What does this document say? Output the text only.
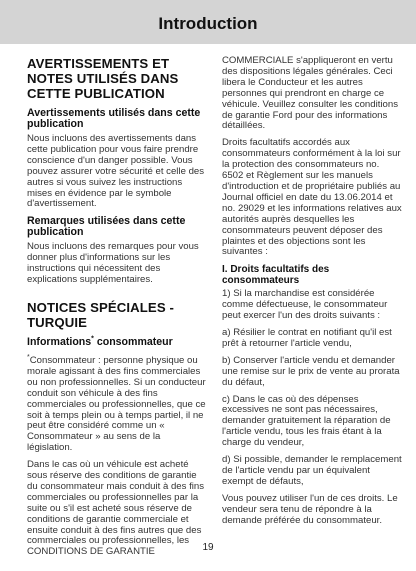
Introduction
AVERTISSEMENTS ET NOTES UTILISÉS DANS CETTE PUBLICATION
Avertissements utilisés dans cette publication

Nous incluons des avertissements dans cette publication pour vous faire prendre conscience d'un danger possible. Vous pouvez assurer votre sécurité et celle des autres si vous suivez les instructions mises en évidence par le symbole d'avertissement.

Remarques utilisées dans cette publication

Nous incluons des remarques pour vous donner plus d'informations sur les instructions qui nécessitent des explications supplémentaires.

NOTICES SPÉCIALES - TURQUIE
Informations* consommateur

*Consommateur : personne physique ou morale agissant à des fins commerciales ou non professionnelles. Si un conducteur conduit son véhicule à des fins commerciales ou professionnelles, que ce soit à temps plein ou à temps partiel, il ne peut être considéré comme un « Consommateur » au sens de la législation.

Dans le cas où un véhicule est acheté sous réserve des conditions de garantie du consommateur mais conduit à des fins commerciales ou professionnelles par la suite ou s'il est acheté sous réserve de conditions de garantie commerciale et ensuite conduit à des fins autres que des commerciales ou professionnelles, les CONDITIONS DE GARANTIE

COMMERCIALE s'appliqueront en vertu des dispositions légales générales. Ceci libera le Conducteur et les autres personnes qui prendront en charge ce véhicule. Veuillez consulter les conditions de garantie Ford pour des informations détaillées.

Droits facultatifs accordés aux consommateurs conformément à la loi sur la protection des consommateurs no. 6502 et Règlement sur les manuels d'introduction et de propriétaire publiés au Journal officiel en date du 13.06.2014 et no. 29029 et les informations relatives aux autorités auprès desquelles les consommateurs peuvent déposer des plaintes et des objections sont les suivantes :

I. Droits facultatifs des consommateurs

1) Si la marchandise est considérée comme défectueuse, le consommateur peut exercer l'un des droits suivants :

a) Résilier le contrat en notifiant qu'il est prêt à retourner l'article vendu,

b) Conserver l'article vendu et demander une remise sur le prix de vente au prorata du défaut,

c) Dans le cas où des dépenses excessives ne sont pas nécessaires, demander gratuitement la réparation de l'article vendu, tous les frais étant à la charge du vendeur,

d) Si possible, demander le remplacement de l'article vendu par un équivalent exempt de défauts,

Vous pouvez utiliser l'un de ces droits. Le vendeur sera tenu de répondre à la demande préférée du consommateur.

19
